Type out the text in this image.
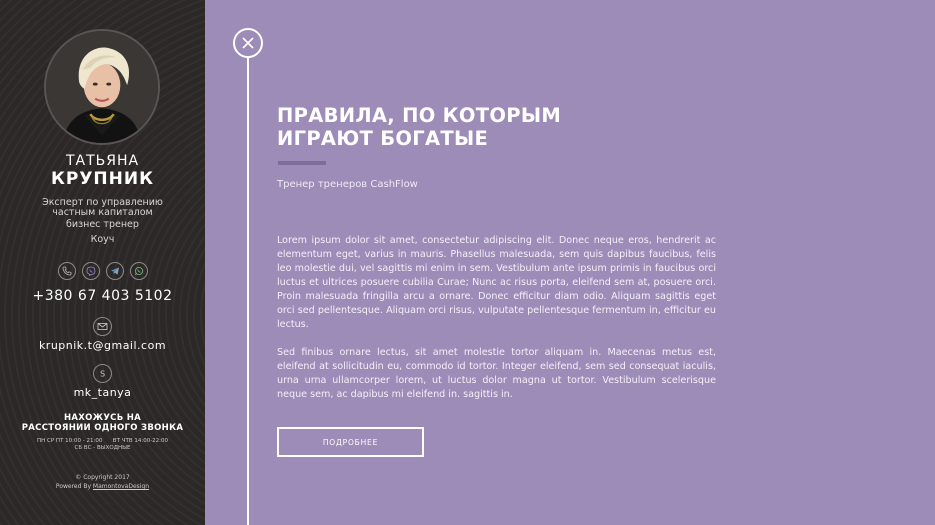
ТАТЬЯНА
КРУПНИК
Эксперт по управлению
частным капиталом
бизнес тренер
Коуч
+380 67 403 5102
krupnik.t@gmail.com
S
mk_tanya
НАХОЖУСЬ НА
РАССТОЯНИИ ОДНОГО ЗВОНКА
ПН СР ПТ 10:00 - 21:00      ВТ ЧТВ 14:00-22:00
СБ ВС - ВЫХОДНЫЕ
© Copyright 2017
Powered By MamontovaDesign
ПРАВИЛА, ПО КОТОРЫМ
ИГРАЮТ БОГАТЫЕ
Тренер тренеров CashFlow

Lorem ipsum dolor sit amet, consectetur adipiscing elit. Donec neque eros, hendrerit ac elementum eget, varius in mauris. Phasellus malesuada, sem quis dapibus faucibus, felis leo molestie dui, vel sagittis mi enim in sem. Vestibulum ante ipsum primis in faucibus orci luctus et ultrices posuere cubilia Curae; Nunc ac risus porta, eleifend sem at, posuere orci. Proin malesuada fringilla arcu a ornare. Donec efficitur diam odio. Aliquam sagittis eget orci sed pellentesque. Aliquam orci risus, vulputate pellentesque fermentum in, efficitur eu lectus.

Sed finibus ornare lectus, sit amet molestie tortor aliquam in. Maecenas metus est, eleifend at sollicitudin eu, commodo id tortor. Integer eleifend, sem sed consequat iaculis, urna urna ullamcorper lorem, ut luctus dolor magna ut tortor. Vestibulum scelerisque neque sem, ac dapibus mi eleifend in. sagittis in.

ПОДРОБНЕЕ
